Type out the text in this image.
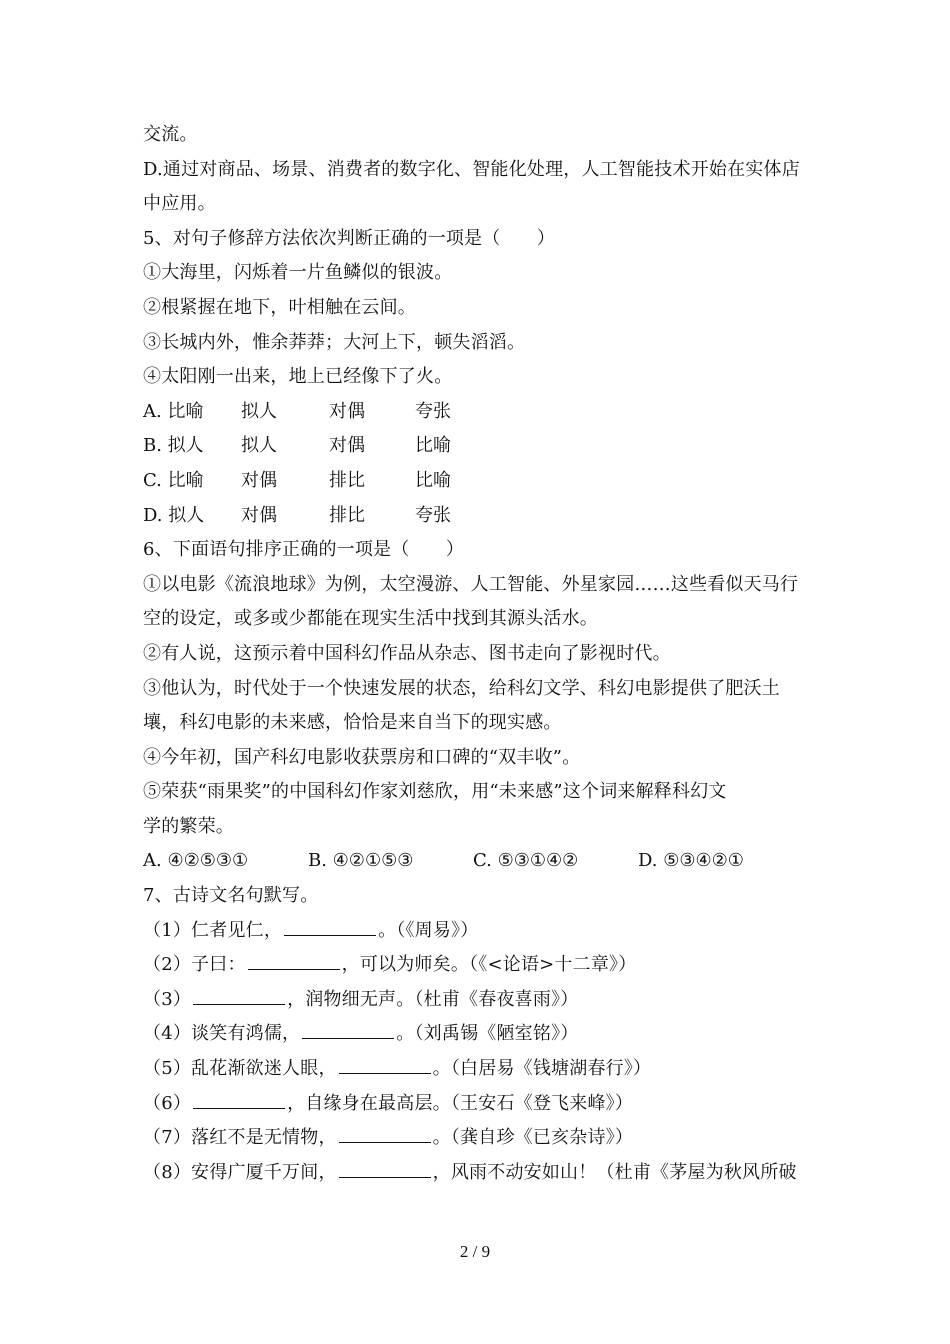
交流。
D.通过对商品、场景、消费者的数字化、智能化处理，人工智能技术开始在实体店
中应用。
5、对句子修辞方法依次判断正确的一项是（　　）
①大海里，闪烁着一片鱼鳞似的银波。
②根紧握在地下，叶相触在云间。
③长城内外，惟余莽莽；大河上下，顿失滔滔。
④太阳刚一出来，地上已经像下了火。
A. 比喻	拟人	对偶	夸张
B. 拟人	拟人	对偶	比喻
C. 比喻	对偶	排比	比喻
D. 拟人	对偶	排比	夸张
6、下面语句排序正确的一项是（　　）
①以电影《流浪地球》为例，太空漫游、人工智能、外星家园……这些看似天马行
空的设定，或多或少都能在现实生活中找到其源头活水。
②有人说，这预示着中国科幻作品从杂志、图书走向了影视时代。
③他认为，时代处于一个快速发展的状态，给科幻文学、科幻电影提供了肥沃土
壤，科幻电影的未来感，恰恰是来自当下的现实感。
④今年初，国产科幻电影收获票房和口碑的“双丰收”。
⑤荣获“雨果奖”的中国科幻作家刘慈欣，用“未来感”这个词来解释科幻文
学的繁荣。
A. ④②⑤③①	B. ④②①⑤③	C. ⑤③①④②	D. ⑤③④②①
7、古诗文名句默写。
（1）仁者见仁，	。（《周易》）
（2）子曰：	，可以为师矣。（《<论语>十二章》）
（3）	，润物细无声。（杜甫《春夜喜雨》）
（4）谈笑有鸿儒，	。（刘禹锡《陋室铭》）
（5）乱花渐欲迷人眼，	。（白居易《钱塘湖春行》）
（6）	，自缘身在最高层。（王安石《登飞来峰》）
（7）落红不是无情物，	。（龚自珍《已亥杂诗》）
（8）安得广厦千万间，	，风雨不动安如山！（杜甫《茅屋为秋风所破
2 / 9
